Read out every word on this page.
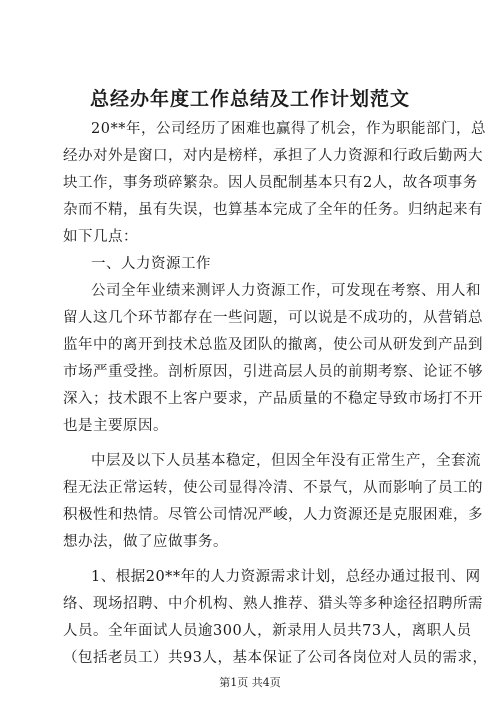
总经办年度工作总结及工作计划范文
20**年，公司经历了困难也赢得了机会，作为职能部门，总
经办对外是窗口，对内是榜样，承担了人力资源和行政后勤两大
块工作，事务琐碎繁杂。因人员配制基本只有2人，故各项事务
杂而不精，虽有失误，也算基本完成了全年的任务。归纳起来有
如下几点：
一、人力资源工作
公司全年业绩来测评人力资源工作，可发现在考察、用人和
留人这几个环节都存在一些问题，可以说是不成功的，从营销总
监年中的离开到技术总监及团队的撤离，使公司从研发到产品到
市场严重受挫。剖析原因，引进高层人员的前期考察、论证不够
深入；技术跟不上客户要求，产品质量的不稳定导致市场打不开
也是主要原因。
中层及以下人员基本稳定，但因全年没有正常生产，全套流
程无法正常运转，使公司显得冷清、不景气，从而影响了员工的
积极性和热情。尽管公司情况严峻，人力资源还是克服困难，多
想办法，做了应做事务。
1、根据20**年的人力资源需求计划，总经办通过报刊、网
络、现场招聘、中介机构、熟人推荐、猎头等多种途径招聘所需
人员。全年面试人员逾300人，新录用人员共73人，离职人员
（包括老员工）共93人，基本保证了公司各岗位对人员的需求，
第1页 共4页
